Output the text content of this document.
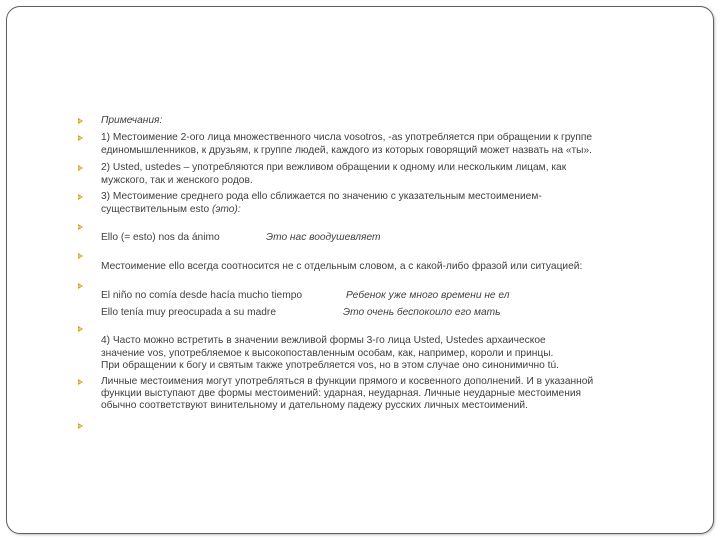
Примечания:

1) Местоимение 2-ого лица множественного числа vosotros, -as употребляется при обращении к группе

единомышленников, к друзьям, к группе людей, каждого из которых говорящий может назвать на «ты».

2) Usted, ustedes – употребляются при вежливом обращении к одному или нескольким лицам, как

мужского, так и женского родов.

3) Местоимение среднего рода ello сближается по значению с указательным местоимением-

существительным esto (это):

Ello (= esto) nos da ánimo	Это нас воодушевляет

Местоимение ello всегда соотносится не с отдельным словом, а с какой-либо фразой или ситуацией:

El niño no comía desde hacía mucho tiempo	Ребенок уже много времени не ел

Ello tenía muy preocupada a su madre	Это очень беспокоило его мать

4) Часто можно встретить в значении вежливой формы 3-го лица Usted, Ustedes архаическое

значение vos, употребляемое к высокопоставленным особам, как, например, короли и принцы.

При обращении к богу и святым также употребляется vos, но в этом случае оно синонимично tú.

Личные местоимения могут употребляться в функции прямого и косвенного дополнений. И в указанной

функции выступают две формы местоимений: ударная, неударная. Личные неударные местоимения

обычно соответствуют винительному и дательному падежу русских личных местоимений.
